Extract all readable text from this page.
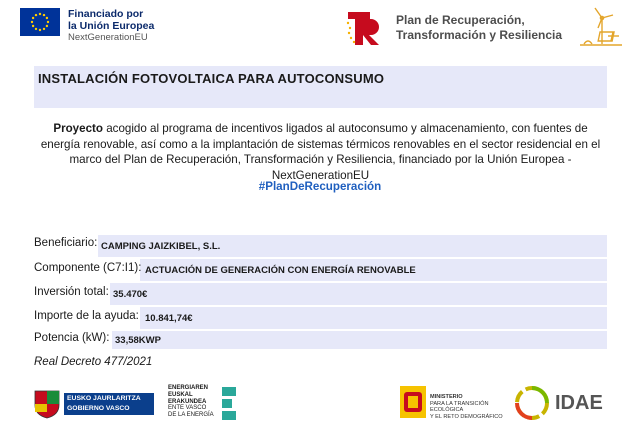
Financiado por
la Unión Europea
NextGenerationEU
Plan de Recuperación,
Transformación y Resiliencia
INSTALACIÓN FOTOVOLTAICA PARA AUTOCONSUMO
Proyecto acogido al programa de incentivos ligados al autoconsumo y almacenamiento, con fuentes de energía renovable, así como a la implantación de sistemas térmicos renovables en el sector residencial en el marco del Plan de Recuperación, Transformación y Resiliencia, financiado por la Unión Europea - NextGenerationEU
#PlanDeRecuperación
Beneficiario: CAMPING JAIZKIBEL, S.L.
Componente (C7:I1): ACTUACIÓN DE GENERACIÓN CON ENERGÍA RENOVABLE
Inversión total: 35.470€
Importe de la ayuda: 10.841,74€
Potencia (kW): 33,58KWP
Real Decreto 477/2021
EUSKO JAURLARITZA
GOBIERNO VASCO
ENERGIAREN
EUSKAL ERAKUNDEA
ENTE VASCO
DE LA ENERGÍA
MINISTERIO
PARA LA TRANSICIÓN ECOLÓGICA
Y EL RETO DEMOGRÁFICO
IDAE
